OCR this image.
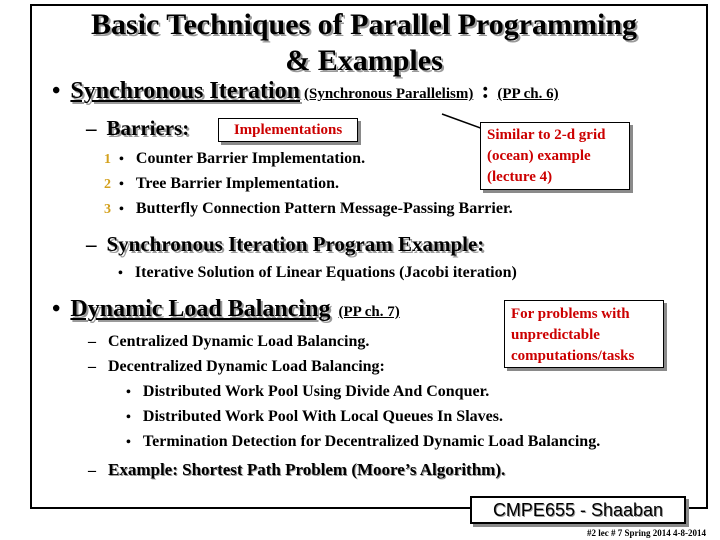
Basic Techniques of Parallel Programming
& Examples
• Synchronous Iteration (Synchronous Parallelism) : (PP ch. 6)
– Barriers:	Implementations	Similar to 2-d grid (ocean) example (lecture 4)
1 • Counter Barrier Implementation.
2 • Tree Barrier Implementation.
3 • Butterfly Connection Pattern Message-Passing Barrier.
– Synchronous Iteration Program Example:
• Iterative Solution of Linear Equations (Jacobi iteration)
• Dynamic Load Balancing (PP ch. 7)	For problems with unpredictable computations/tasks
– Centralized Dynamic Load Balancing.
– Decentralized Dynamic Load Balancing:
• Distributed Work Pool Using Divide And Conquer.
• Distributed Work Pool With Local Queues In Slaves.
• Termination Detection for Decentralized Dynamic Load Balancing.
– Example: Shortest Path Problem (Moore’s Algorithm).
CMPE655 - Shaaban
#2 lec # 7 Spring 2014 4-8-2014
